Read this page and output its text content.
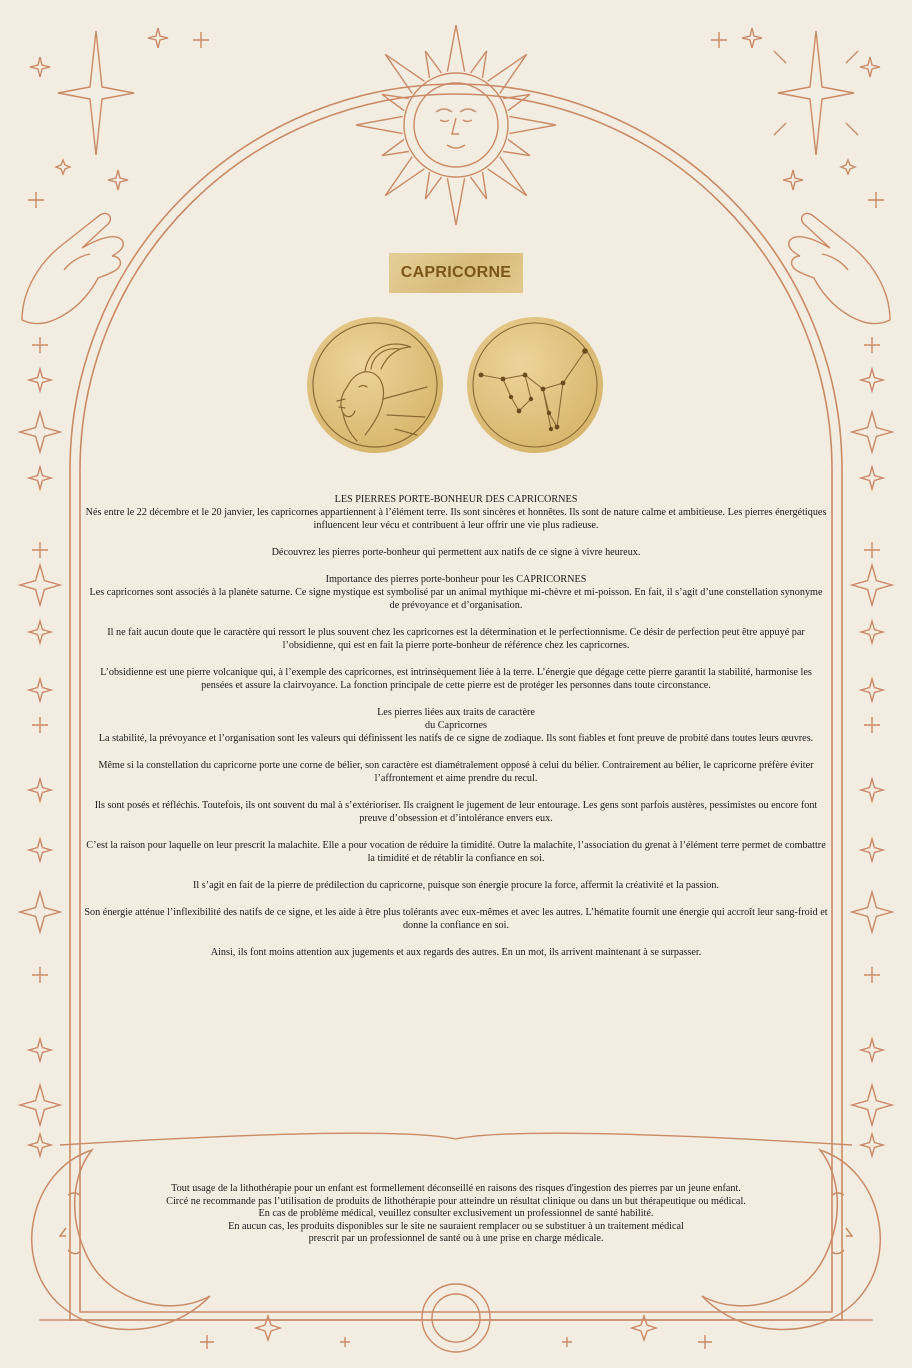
CAPRICORNE

LES PIERRES PORTE-BONHEUR DES CAPRICORNES
Nés entre le 22 décembre et le 20 janvier, les capricornes appartiennent à l’élément terre. Ils sont sincères et honnêtes. Ils sont de nature calme et ambitieuse. Les pierres énergétiques influencent leur vécu et contribuent à leur offrir une vie plus radieuse.

Découvrez les pierres porte-bonheur qui permettent aux natifs de ce signe à vivre heureux.

Importance des pierres porte-bonheur pour les CAPRICORNES
Les capricornes sont associés à la planète saturne. Ce signe mystique est symbolisé par un animal mythique mi-chèvre et mi-poisson. En fait, il s’agit d’une constellation synonyme de prévoyance et d’organisation.

Il ne fait aucun doute que le caractère qui ressort le plus souvent chez les capricornes est la détermination et le perfectionnisme. Ce désir de perfection peut être appuyé par l’obsidienne, qui est en fait la pierre porte-bonheur de référence chez les capricornes.

L’obsidienne est une pierre volcanique qui, à l’exemple des capricornes, est intrinsèquement liée à la terre. L’énergie que dégage cette pierre garantit la stabilité, harmonise les pensées et assure la clairvoyance. La fonction principale de cette pierre est de protéger les personnes dans toute circonstance.

Les pierres liées aux traits de caractère
du Capricornes
La stabilité, la prévoyance et l’organisation sont les valeurs qui définissent les natifs de ce signe de zodiaque. Ils sont fiables et font preuve de probité dans toutes leurs œuvres.

Même si la constellation du capricorne porte une corne de bélier, son caractère est diamétralement opposé à celui du bélier. Contrairement au bélier, le capricorne préfère éviter l’affrontement et aime prendre du recul.

Ils sont posés et réfléchis. Toutefois, ils ont souvent du mal à s’extérioriser. Ils craignent le jugement de leur entourage. Les gens sont parfois austères, pessimistes ou encore font preuve d’obsession et d’intolérance envers eux.

C’est la raison pour laquelle on leur prescrit la malachite. Elle a pour vocation de réduire la timidité. Outre la malachite, l’association du grenat à l’élément terre permet de combattre la timidité et de rétablir la confiance en soi.

Il s’agit en fait de la pierre de prédilection du capricorne, puisque son énergie procure la force, affermit la créativité et la passion.

Son énergie atténue l’inflexibilité des natifs de ce signe, et les aide à être plus tolérants avec eux-mêmes et avec les autres. L’hématite fournit une énergie qui accroît leur sang-froid et donne la confiance en soi.

Ainsi, ils font moins attention aux jugements et aux regards des autres. En un mot, ils arrivent maintenant à se surpasser.

Tout usage de la lithothérapie pour un enfant est formellement déconseillé en raisons des risques d'ingestion des pierres par un jeune enfant.
Circé ne recommande pas l’utilisation de produits de lithothérapie pour atteindre un résultat clinique ou dans un but thérapeutique ou médical.
En cas de problème médical, veuillez consulter exclusivement un professionnel de santé habilité.
En aucun cas, les produits disponibles sur le site ne sauraient remplacer ou se substituer à un traitement médical
prescrit par un professionnel de santé ou à une prise en charge médicale.
